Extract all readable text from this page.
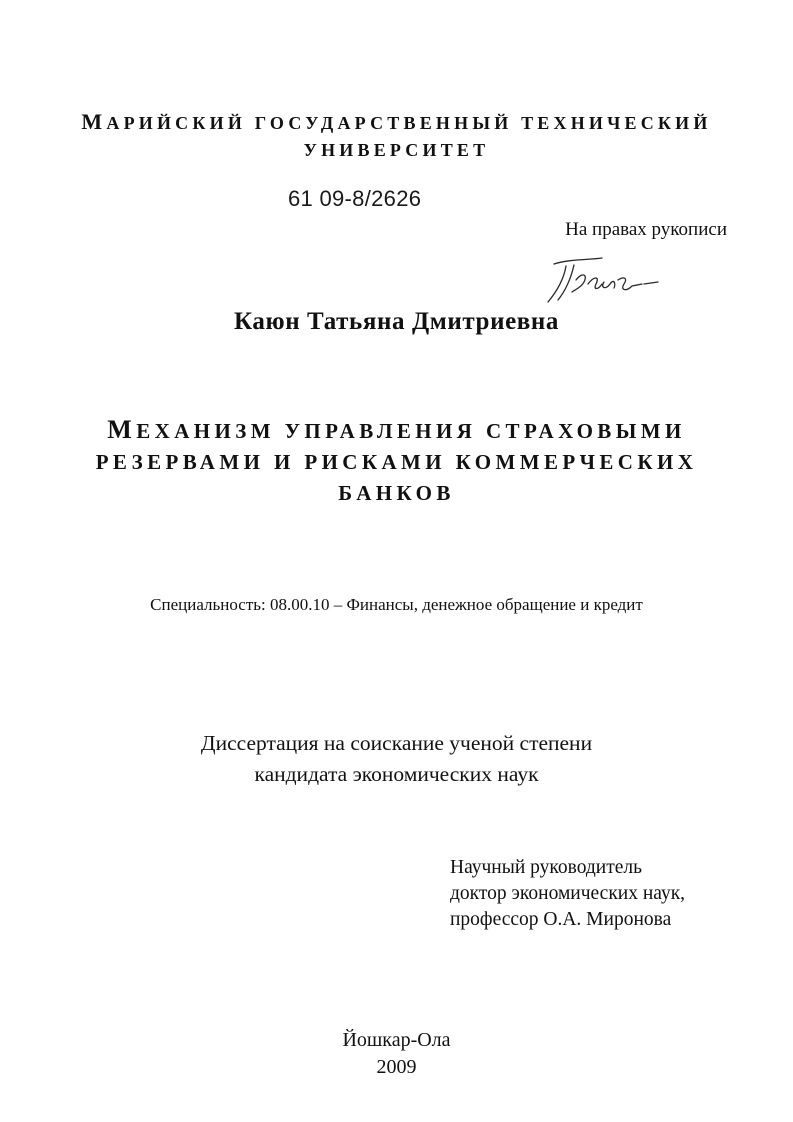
МАРИЙСКИЙ ГОСУДАРСТВЕННЫЙ ТЕХНИЧЕСКИЙ
УНИВЕРСИТЕТ
61 09-8/2626
На правах рукописи
Каюн Татьяна Дмитриевна
МЕХАНИЗМ УПРАВЛЕНИЯ СТРАХОВЫМИ
РЕЗЕРВАМИ И РИСКАМИ КОММЕРЧЕСКИХ
БАНКОВ
Специальность: 08.00.10 – Финансы, денежное обращение и кредит
Диссертация на соискание ученой степени
кандидата экономических наук
Научный руководитель
доктор экономических наук,
профессор О.А. Миронова
Йошкар-Ола
2009
